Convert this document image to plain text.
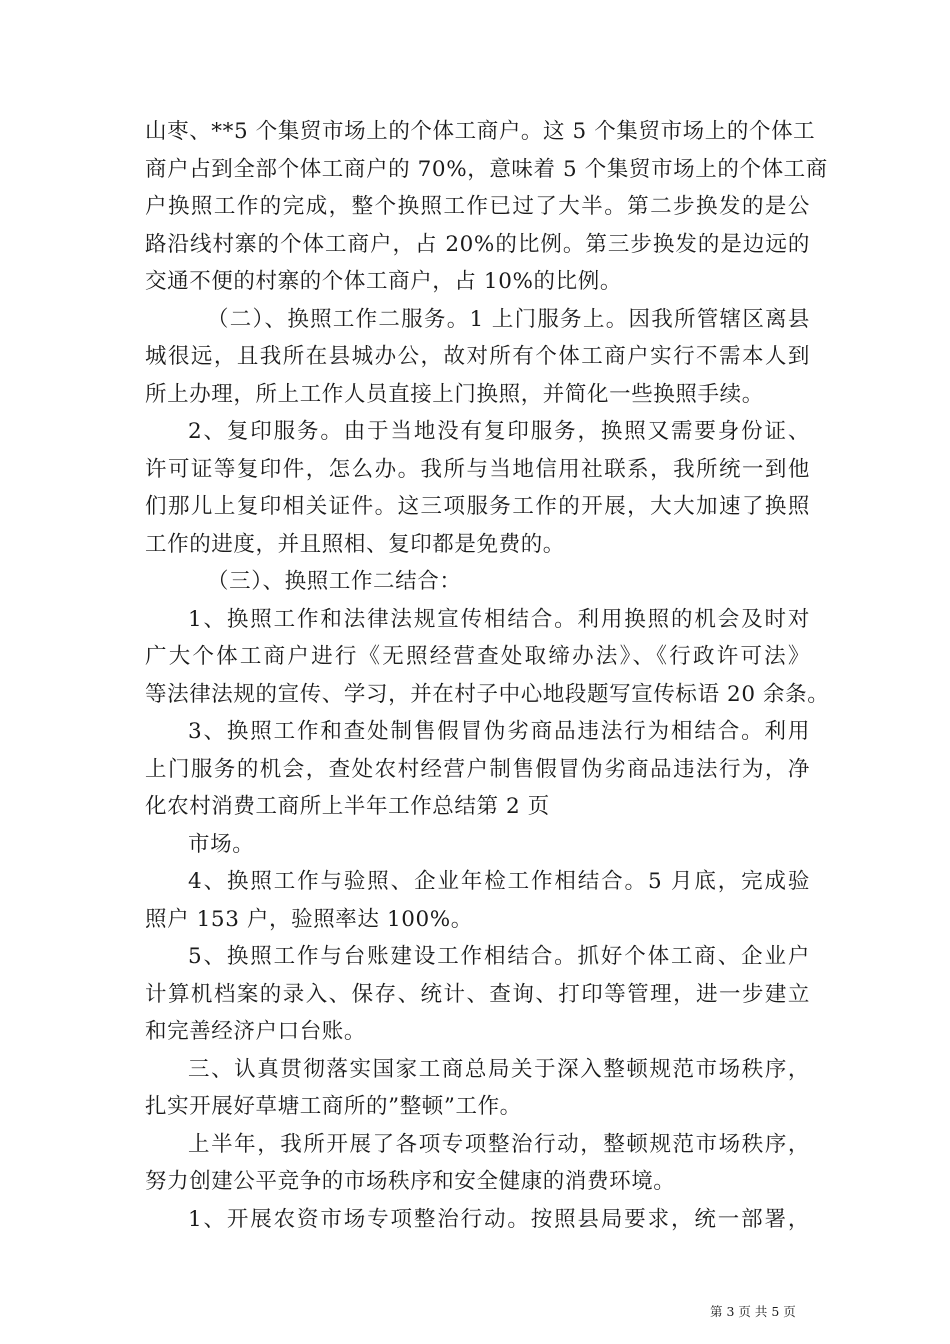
山枣、**5 个集贸市场上的个体工商户。这 5 个集贸市场上的个体工
商户占到全部个体工商户的 70%，意味着 5 个集贸市场上的个体工商
户换照工作的完成，整个换照工作已过了大半。第二步换发的是公
路沿线村寨的个体工商户，占 20%的比例。第三步换发的是边远的
交通不便的村寨的个体工商户，占 10%的比例。
（二）、换照工作二服务。1 上门服务上。因我所管辖区离县
城很远，且我所在县城办公，故对所有个体工商户实行不需本人到
所上办理，所上工作人员直接上门换照，并简化一些换照手续。
2、复印服务。由于当地没有复印服务，换照又需要身份证、
许可证等复印件，怎么办。我所与当地信用社联系，我所统一到他
们那儿上复印相关证件。这三项服务工作的开展，大大加速了换照
工作的进度，并且照相、复印都是免费的。
（三）、换照工作二结合：
1、换照工作和法律法规宣传相结合。利用换照的机会及时对
广大个体工商户进行《无照经营查处取缔办法》、《行政许可法》
等法律法规的宣传、学习，并在村子中心地段题写宣传标语 20 余条。
3、换照工作和查处制售假冒伪劣商品违法行为相结合。利用
上门服务的机会，查处农村经营户制售假冒伪劣商品违法行为，净
化农村消费工商所上半年工作总结第 2 页
市场。
4、换照工作与验照、企业年检工作相结合。5 月底，完成验
照户 153 户，验照率达 100%。
5、换照工作与台账建设工作相结合。抓好个体工商、企业户
计算机档案的录入、保存、统计、查询、打印等管理，进一步建立
和完善经济户口台账。
三、认真贯彻落实国家工商总局关于深入整顿规范市场秩序，
扎实开展好草塘工商所的”整顿”工作。
上半年，我所开展了各项专项整治行动，整顿规范市场秩序，
努力创建公平竞争的市场秩序和安全健康的消费环境。
1、开展农资市场专项整治行动。按照县局要求，统一部署，
第 3 页 共 5 页
